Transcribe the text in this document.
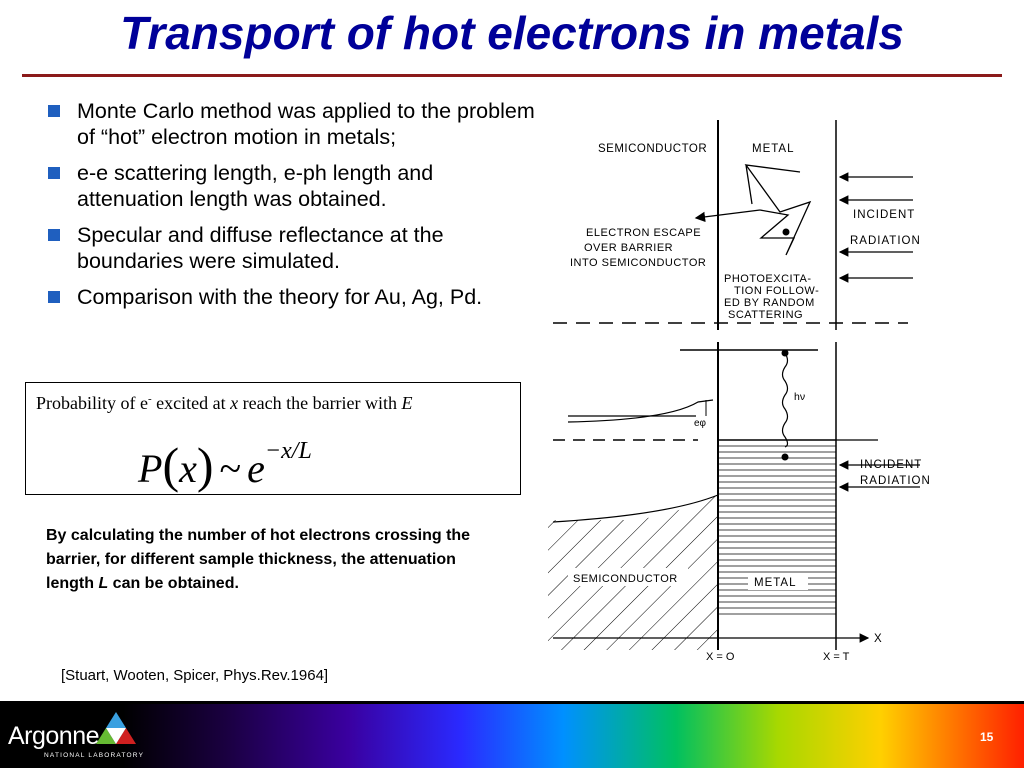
Transport of hot electrons in metals
Monte Carlo method was applied to the problem of “hot” electron motion in metals;
e-e scattering length, e-ph length and attenuation length was obtained.
Specular and diffuse reflectance at the boundaries were simulated.
Comparison with the theory for Au, Ag, Pd.
Probability of e- excited at x reach the barrier with E
P(x) ~ $e^{-x/L}$
By calculating the number of hot electrons crossing the barrier, for different sample thickness, the attenuation length L can be obtained.
[Stuart, Wooten, Spicer, Phys.Rev.1964]
SEMICONDUCTOR	METAL
ELECTRON ESCAPE
OVER BARRIER
INTO SEMICONDUCTOR
PHOTOEXCITA-
TION FOLLOW-
ED BY RANDOM
SCATTERING
INCIDENT
RADIATION
eφ
hν
INCIDENT
RADIATION
SEMICONDUCTOR	METAL
X
X = O	X = T
Argonne
NATIONAL LABORATORY
15
